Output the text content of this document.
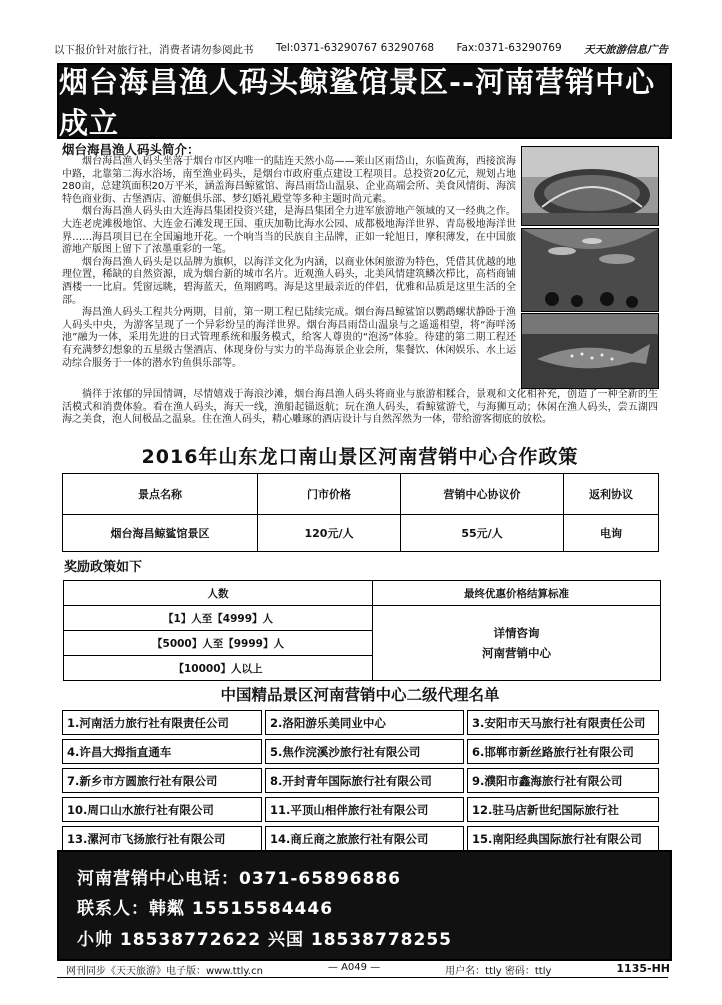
以下报价针对旅行社，消费者请勿参阅此书 Tel:0371-63290767 63290768 Fax:0371-63290769 天天旅游信息广告
烟台海昌渔人码头鲸鲨馆景区--河南营销中心成立
烟台海昌渔人码头简介：

烟台海昌渔人码头坐落于烟台市区内唯一的陆连天然小岛——莱山区雨岱山，东临黄海，西接滨海中路，北靠第二海水浴场，南至渔业码头，是烟台市政府重点建设工程项目。总投资20亿元，规划占地280亩，总建筑面积20万平米，涵盖海昌鲸鲨馆、海昌雨岱山温泉、企业高端会所、美食风情街、海滨特色商业街、古堡酒店、游艇俱乐部、梦幻婚礼殿堂等多种主题时尚元素。

烟台海昌渔人码头由大连海昌集团投资兴建，是海昌集团全力进军旅游地产领域的又一经典之作。大连老虎滩极地馆、大连金石滩发现王国、重庆加勒比海水公园、成都极地海洋世界、青岛极地海洋世界……海昌项目已在全国遍地开花。一个响当当的民族自主品牌，正如一轮旭日，摩积薄发，在中国旅游地产版图上留下了浓墨重彩的一笔。

烟台海昌渔人码头是以品牌为旗帜，以海洋文化为内涵，以商业休闲旅游为特色，凭借其优越的地理位置，稀缺的自然资源，成为烟台新的城市名片。近观渔人码头，北美风情建筑鳞次栉比，高档商铺酒楼一一比肩。凭窗远眺，碧海蓝天，鱼翔鸥鸣。海是这里最亲近的伴侣，优雅和品质是这里生活的全部。

海昌渔人码头工程共分两期，目前，第一期工程已陆续完成。烟台海昌鲸鲨馆以鹦鹉螺状静卧于渔人码头中央，为游客呈现了一个异彩纷呈的海洋世界。烟台海昌雨岱山温泉与之遥遥相望，将“海咩汤池”融为一体，采用先进的日式管理系统和服务模式，给客人尊贵的“泡汤”体验。待建的第二期工程还有充满梦幻想象的五星级古堡酒店、体现身份与实力的半岛海景企业会所，集餐饮、休闲娱乐、水上运动综合服务于一体的潜水钓鱼俱乐部等。

徜徉于浓郁的异国情调，尽情嬉戏于海浪沙滩，烟台海昌渔人码头将商业与旅游相糅合，景观和文化相补充，创造了一种全新的生活模式和消费体验。看在渔人码头，海天一线，渔船起锚返航；玩在渔人码头，看鲸鲨游弋，与海狮互动；休闲在渔人码头，尝五湖四海之美食，泡人间极品之温泉。住在渔人码头，精心雕琢的酒店设计与自然浑然为一体，带给游客彻底的放松。

2016年山东龙口南山景区河南营销中心合作政策
景点名称	门市价格	营销中心协议价	返利协议
烟台海昌鲸鲨馆景区	120元/人	55元/人	电询
奖励政策如下
人数	最终优惠价格结算标准
【1】人至【4999】人	详情咨询
河南营销中心

【5000】人至【9999】人	
【10000】人以上	
中国精品景区河南营销中心二级代理名单
1.河南活力旅行社有限责任公司	2.洛阳游乐美同业中心	3.安阳市天马旅行社有限责任公司
4.许昌大拇指直通车	5.焦作浣溪沙旅行社有限公司	6.邯郸市新丝路旅行社有限公司
7.新乡市方圆旅行社有限公司	8.开封青年国际旅行社有限公司	9.濮阳市鑫海旅行社有限公司
10.周口山水旅行社有限公司	11.平顶山相伴旅行社有限公司	12.驻马店新世纪国际旅行社
13.漯河市飞扬旅行社有限公司	14.商丘商之旅旅行社有限公司	15.南阳经典国际旅行社有限公司
河南营销中心电话：0371-65896886
联系人：韩粼 15515584446
小帅 18538772622 兴国 18538778255
网刊同步《天天旅游》电子版：www.ttly.cn	— A049 —	用户名：ttly 密码：ttly	1135-HH
